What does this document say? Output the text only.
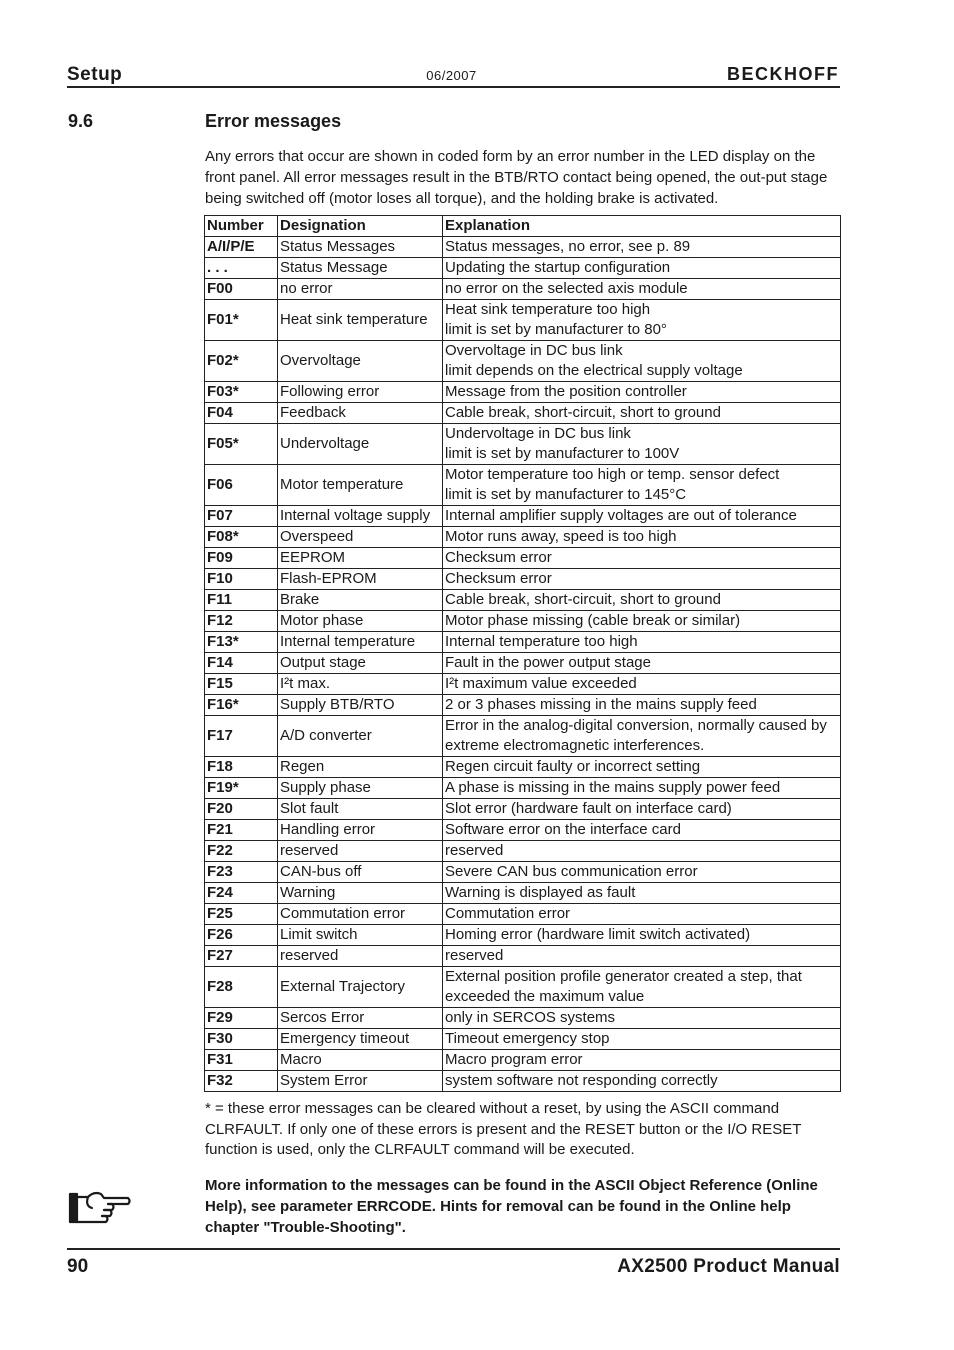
Setup	06/2007	BECKHOFF
9.6	Error messages

Any errors that occur are shown in coded form by an error number in the LED display on the front panel. All error messages result in the BTB/RTO contact being opened, the out-put stage being switched off (motor loses all torque), and the holding brake is activated.

Number	Designation	Explanation
A/I/P/E	Status Messages	Status messages, no error, see p. 89
. . .	Status Message	Updating the startup configuration
F00	no error	no error on the selected axis module
F01*	Heat sink temperature	Heat sink temperature too high
limit is set by manufacturer to 80°
F02*	Overvoltage	Overvoltage in DC bus link
limit depends on the electrical supply voltage
F03*	Following error	Message from the position controller
F04	Feedback	Cable break, short-circuit, short to ground
F05*	Undervoltage	Undervoltage in DC bus link
limit is set by manufacturer to 100V
F06	Motor temperature	Motor temperature too high or temp. sensor defect
limit is set by manufacturer to 145°C
F07	Internal voltage supply	Internal amplifier supply voltages are out of tolerance
F08*	Overspeed	Motor runs away, speed is too high
F09	EEPROM	Checksum error
F10	Flash-EPROM	Checksum error
F11	Brake	Cable break, short-circuit, short to ground
F12	Motor phase	Motor phase missing (cable break or similar)
F13*	Internal temperature	Internal temperature too high
F14	Output stage	Fault in the power output stage
F15	I²t max.	I²t maximum value exceeded
F16*	Supply BTB/RTO	2 or 3 phases missing in the mains supply feed
F17	A/D converter	Error in the analog-digital conversion, normally caused by extreme electromagnetic interferences.
F18	Regen	Regen circuit faulty or incorrect setting
F19*	Supply phase	A phase is missing in the mains supply power feed
F20	Slot fault	Slot error (hardware fault on interface card)
F21	Handling error	Software error on the interface card
F22	reserved	reserved
F23	CAN-bus off	Severe CAN bus communication error
F24	Warning	Warning is displayed as fault
F25	Commutation error	Commutation error
F26	Limit switch	Homing error (hardware limit switch activated)
F27	reserved	reserved
F28	External Trajectory	External position profile generator created a step, that exceeded the maximum value
F29	Sercos Error	only in SERCOS systems
F30	Emergency timeout	Timeout emergency stop
F31	Macro	Macro program error
F32	System Error	system software not responding correctly

* = these error messages can be cleared without a reset, by using the ASCII command CLRFAULT. If only one of these errors is present and the RESET button or the I/O RESET function is used, only the CLRFAULT command will be executed.

More information to the messages can be found in the ASCII Object Reference (Online Help), see parameter ERRCODE. Hints for removal can be found in the Online help chapter "Trouble-Shooting".

90	AX2500 Product Manual
